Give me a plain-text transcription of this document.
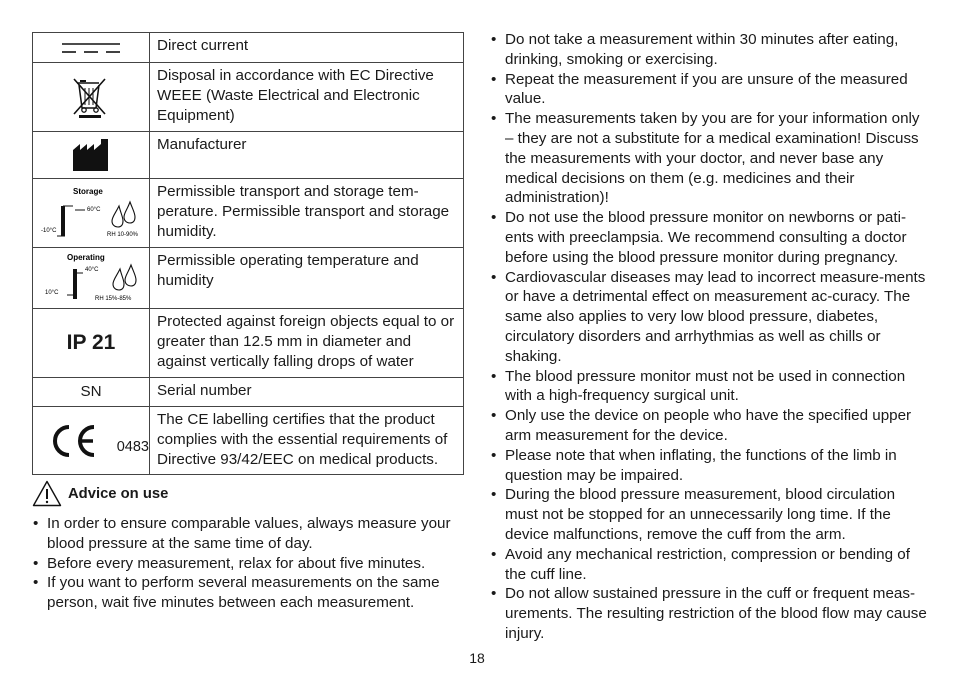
	Direct current

	Disposal in accordance with EC Directive WEEE (Waste Electrical and Electronic Equipment)

	Manufacturer

Storage
60°C
-10°C
RH 10-90%	Permissible transport and storage tem-perature. Permissible transport and storage humidity.

Operating
40°C
10°C
RH 15%-85%	Permissible operating temperature and humidity
IP 21	Protected against foreign objects equal to or greater than 12.5 mm in diameter and against vertically falling drops of water
SN	Serial number

0483	The CE labelling certifies that the product complies with the essential requirements of Directive 93/42/EEC on medical products.
Advice on use
• In order to ensure comparable values, always measure your blood pressure at the same time of day.
• Before every measurement, relax for about five minutes.
• If you want to perform several measurements on the same person, wait five minutes between each measurement.
• Do not take a measurement within 30 minutes after eating, drinking, smoking or exercising.
• Repeat the measurement if you are unsure of the measured value.
• The measurements taken by you are for your information only – they are not a substitute for a medical examination! Discuss the measurements with your doctor, and never base any medical decisions on them (e.g. medicines and their administration)!
• Do not use the blood pressure monitor on newborns or pati-ents with preeclampsia. We recommend consulting a doctor before using the blood pressure monitor during pregnancy.
• Cardiovascular diseases may lead to incorrect measure-ments or have a detrimental effect on measurement ac-curacy. The same also applies to very low blood pressure, diabetes, circulatory disorders and arrhythmias as well as chills or shaking.
• The blood pressure monitor must not be used in connection with a high-frequency surgical unit.
• Only use the device on people who have the specified upper arm measurement for the device.
• Please note that when inflating, the functions of the limb in question may be impaired.
• During the blood pressure measurement, blood circulation must not be stopped for an unnecessarily long time. If the device malfunctions, remove the cuff from the arm.
• Avoid any mechanical restriction, compression or bending of the cuff line.
• Do not allow sustained pressure in the cuff or frequent meas-urements. The resulting restriction of the blood flow may cause injury.
18
